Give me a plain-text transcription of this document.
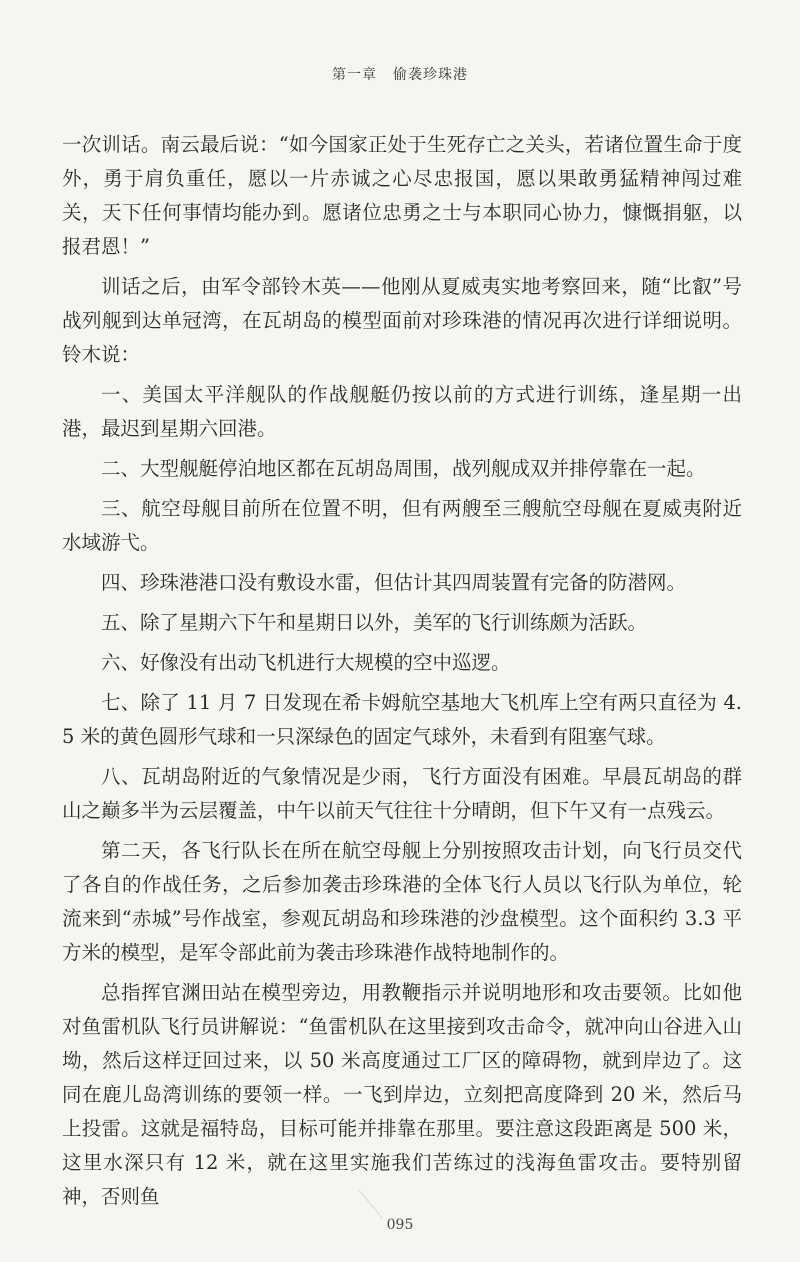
第一章 偷袭珍珠港

一次训话。南云最后说：“如今国家正处于生死存亡之关头，若诸位置生命于度外，勇于肩负重任，愿以一片赤诚之心尽忠报国，愿以果敢勇猛精神闯过难关，天下任何事情均能办到。愿诸位忠勇之士与本职同心协力，慷慨捐躯，以报君恩！”

训话之后，由军令部铃木英——他刚从夏威夷实地考察回来，随“比叡”号战列舰到达单冠湾，在瓦胡岛的模型面前对珍珠港的情况再次进行详细说明。铃木说：

一、美国太平洋舰队的作战舰艇仍按以前的方式进行训练，逢星期一出港，最迟到星期六回港。

二、大型舰艇停泊地区都在瓦胡岛周围，战列舰成双并排停靠在一起。

三、航空母舰目前所在位置不明，但有两艘至三艘航空母舰在夏威夷附近水域游弋。

四、珍珠港港口没有敷设水雷，但估计其四周装置有完备的防潜网。

五、除了星期六下午和星期日以外，美军的飞行训练颇为活跃。

六、好像没有出动飞机进行大规模的空中巡逻。

七、除了 11 月 7 日发现在希卡姆航空基地大飞机库上空有两只直径为 4.5 米的黄色圆形气球和一只深绿色的固定气球外，未看到有阻塞气球。

八、瓦胡岛附近的气象情况是少雨，飞行方面没有困难。早晨瓦胡岛的群山之巅多半为云层覆盖，中午以前天气往往十分晴朗，但下午又有一点残云。

第二天，各飞行队长在所在航空母舰上分别按照攻击计划，向飞行员交代了各自的作战任务，之后参加袭击珍珠港的全体飞行人员以飞行队为单位，轮流来到“赤城”号作战室，参观瓦胡岛和珍珠港的沙盘模型。这个面积约 3.3 平方米的模型，是军令部此前为袭击珍珠港作战特地制作的。

总指挥官渊田站在模型旁边，用教鞭指示并说明地形和攻击要领。比如他对鱼雷机队飞行员讲解说：“鱼雷机队在这里接到攻击命令，就冲向山谷进入山坳，然后这样迂回过来，以 50 米高度通过工厂区的障碍物，就到岸边了。这同在鹿儿岛湾训练的要领一样。一飞到岸边，立刻把高度降到 20 米，然后马上投雷。这就是福特岛，目标可能并排靠在那里。要注意这段距离是 500 米，这里水深只有 12 米，就在这里实施我们苦练过的浅海鱼雷攻击。要特别留神，否则鱼

095
